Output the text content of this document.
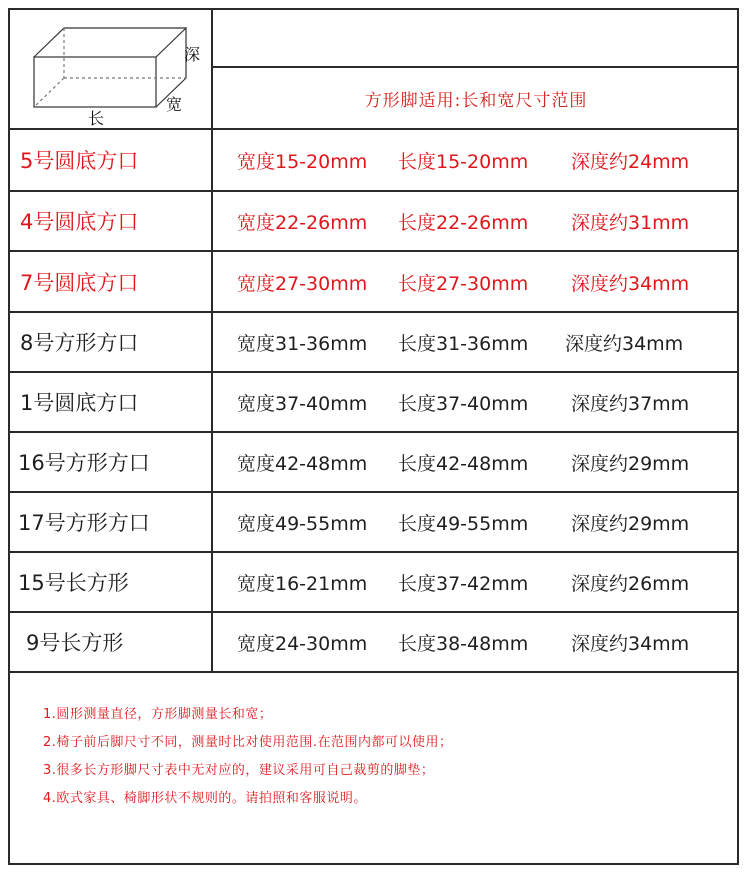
深
宽
长
方形脚适用:长和宽尺寸范围
5号圆底方口	宽度15-20mm 长度15-20mm 深度约24mm
4号圆底方口	宽度22-26mm 长度22-26mm 深度约31mm
7号圆底方口	宽度27-30mm 长度27-30mm 深度约34mm
8号方形方口	宽度31-36mm 长度31-36mm 深度约34mm
1号圆底方口	宽度37-40mm 长度37-40mm 深度约37mm
16号方形方口	宽度42-48mm 长度42-48mm 深度约29mm
17号方形方口	宽度49-55mm 长度49-55mm 深度约29mm
15号长方形	宽度16-21mm 长度37-42mm 深度约26mm
9号长方形	宽度24-30mm 长度38-48mm 深度约34mm
1.圆形测量直径，方形脚测量长和宽；
2.椅子前后脚尺寸不同，测量时比对使用范围.在范围内都可以使用；
3.很多长方形脚尺寸表中无对应的，建议采用可自己裁剪的脚垫；
4.欧式家具、椅脚形状不规则的。请拍照和客服说明。
